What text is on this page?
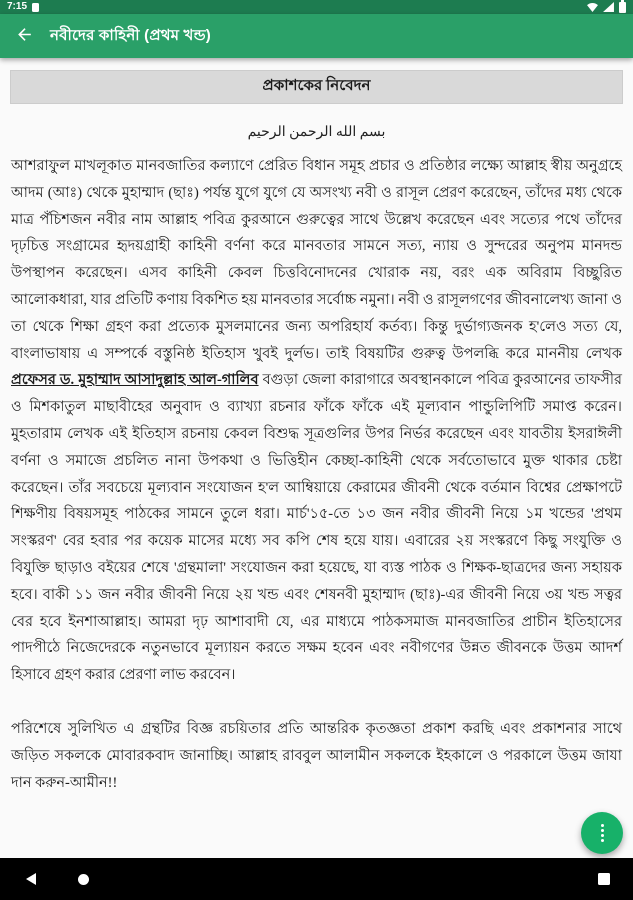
7:15
নবীদের কাহিনী (প্রথম খন্ড)
প্রকাশকের নিবেদন
بسم الله الرحمن الرحيم

আশরাফুল মাখলূকাত মানবজাতির কল্যাণে প্রেরিত বিধান সমূহ প্রচার ও প্রতিষ্ঠার লক্ষ্যে আল্লাহ স্বীয় অনুগ্রহে আদম (আঃ) থেকে মুহাম্মাদ (ছাঃ) পর্যন্ত যুগে যুগে যে অসংখ্য নবী ও রাসূল প্রেরণ করেছেন, তাঁদের মধ্য থেকে মাত্র পঁচিশজন নবীর নাম আল্লাহ পবিত্র কুরআনে গুরুত্বের সাথে উল্লেখ করেছেন এবং সত্যের পথে তাঁদের দৃঢ়চিত্ত সংগ্রামের হৃদয়গ্রাহী কাহিনী বর্ণনা করে মানবতার সামনে সত্য, ন্যায় ও সুন্দরের অনুপম মানদন্ড উপস্থাপন করেছেন। এসব কাহিনী কেবল চিত্তবিনোদনের খোরাক নয়, বরং এক অবিরাম বিচ্ছুরিত আলোকধারা, যার প্রতিটি কণায় বিকশিত হয় মানবতার সর্বোচ্চ নমুনা। নবী ও রাসূলগণের জীবনালেখ্য জানা ও তা থেকে শিক্ষা গ্রহণ করা প্রত্যেক মুসলমানের জন্য অপরিহার্য কর্তব্য। কিন্তু দুর্ভাগ্যজনক হ'লেও সত্য যে, বাংলাভাষায় এ সম্পর্কে বস্তুনিষ্ঠ ইতিহাস খুবই দুর্লভ। তাই বিষয়টির গুরুত্ব উপলব্ধি করে মাননীয় লেখক প্রফেসর ড. মুহাম্মাদ আসাদুল্লাহ আল-গালিব বগুড়া জেলা কারাগারে অবস্থানকালে পবিত্র কুরআনের তাফসীর ও মিশকাতুল মাছাবীহের অনুবাদ ও ব্যাখ্যা রচনার ফাঁকে ফাঁকে এই মূল্যবান পান্ডুলিপিটি সমাপ্ত করেন। মুহতারাম লেখক এই ইতিহাস রচনায় কেবল বিশুদ্ধ সূত্রগুলির উপর নির্ভর করেছেন এবং যাবতীয় ইসরাঈলী বর্ণনা ও সমাজে প্রচলিত নানা উপকথা ও ভিত্তিহীন কেচ্ছা-কাহিনী থেকে সর্বতোভাবে মুক্ত থাকার চেষ্টা করেছেন। তাঁর সবচেয়ে মূল্যবান সংযোজন হ'ল আম্বিয়ায়ে কেরামের জীবনী থেকে বর্তমান বিশ্বের প্রেক্ষাপটে শিক্ষণীয় বিষয়সমূহ পাঠকের সামনে তুলে ধরা। মার্চ'১৫-তে ১৩ জন নবীর জীবনী নিয়ে ১ম খন্ডের 'প্রথম সংস্করণ' বের হবার পর কয়েক মাসের মধ্যে সব কপি শেষ হয়ে যায়। এবারের ২য় সংস্করণে কিছু সংযুক্তি ও বিযুক্তি ছাড়াও বইয়ের শেষে 'গ্রন্থমালা' সংযোজন করা হয়েছে, যা ব্যস্ত পাঠক ও শিক্ষক-ছাত্রদের জন্য সহায়ক হবে। বাকী ১১ জন নবীর জীবনী নিয়ে ২য় খন্ড এবং শেষনবী মুহাম্মাদ (ছাঃ)-এর জীবনী নিয়ে ৩য় খন্ড সত্বর বের হবে ইনশাআল্লাহ। আমরা দৃঢ় আশাবাদী যে, এর মাধ্যমে পাঠকসমাজ মানবজাতির প্রাচীন ইতিহাসের পাদপীঠে নিজেদেরকে নতুনভাবে মূল্যায়ন করতে সক্ষম হবেন এবং নবীগণের উন্নত জীবনকে উত্তম আদর্শ হিসাবে গ্রহণ করার প্রেরণা লাভ করবেন।

পরিশেষে সুলিখিত এ গ্রন্থটির বিজ্ঞ রচয়িতার প্রতি আন্তরিক কৃতজ্ঞতা প্রকাশ করছি এবং প্রকাশনার সাথে জড়িত সকলকে মোবারকবাদ জানাচ্ছি। আল্লাহ রাববুল আলামীন সকলকে ইহকালে ও পরকালে উত্তম জাযা দান করুন-আমীন!!
